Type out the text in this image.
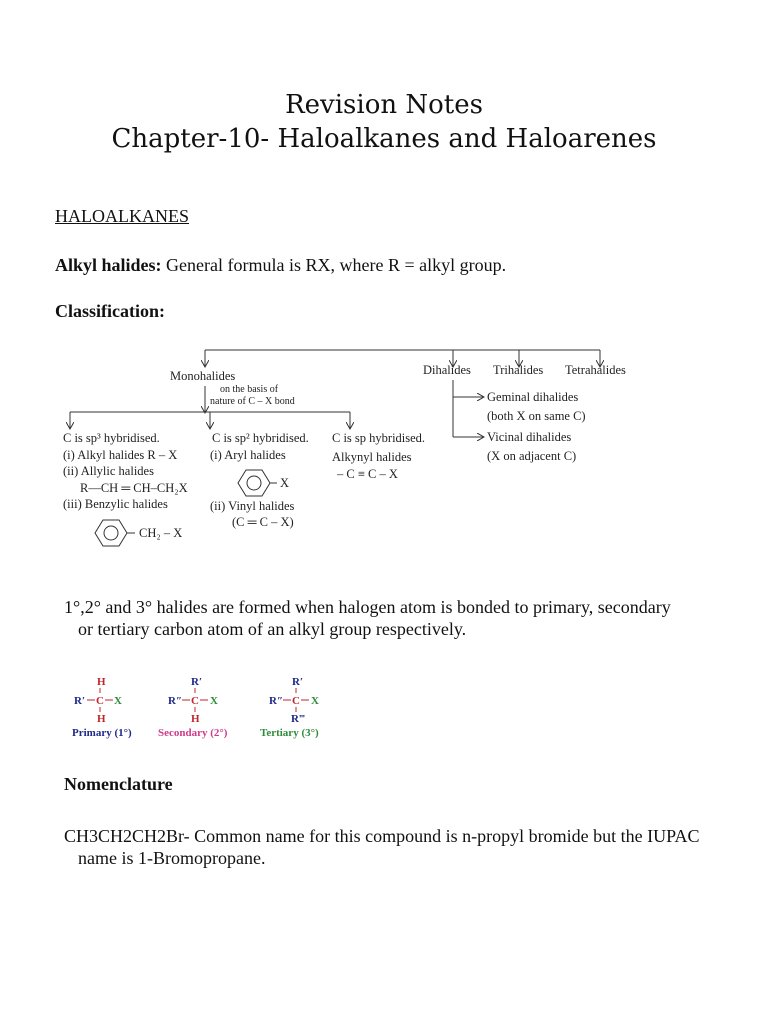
Revision Notes
Chapter-10- Haloalkanes and Haloarenes
HALOALKANES
Alkyl halides: General formula is RX, where R = alkyl group.
Classification:
Monohalides
on the basis of
nature of C – X bond
Dihalides Trihalides Tetrahalides
Geminal dihalides
(both X on same C)
Vicinal dihalides
(X on adjacent C)
C is sp³ hybridised.
(i) Alkyl halides R – X
(ii) Allylic halides
R—CH ═ CH–CH₂X
(iii) Benzylic halides
CH₂ – X
C is sp² hybridised.
(i) Aryl halides
X
(ii) Vinyl halides
(C ═ C – X)
C is sp hybridised.
Alkynyl halides
– C ≡ C – X
1°,2° and 3° halides are formed when halogen atom is bonded to primary, secondary
or tertiary carbon atom of an alkyl group respectively.
H
R′ C X
H
Primary (1°)
R′
R″ C X
H
Secondary (2°)
R′
R″ C X
R‴
Tertiary (3°)
Nomenclature
CH3CH2CH2Br- Common name for this compound is n-propyl bromide but the IUPAC
name is 1-Bromopropane.
